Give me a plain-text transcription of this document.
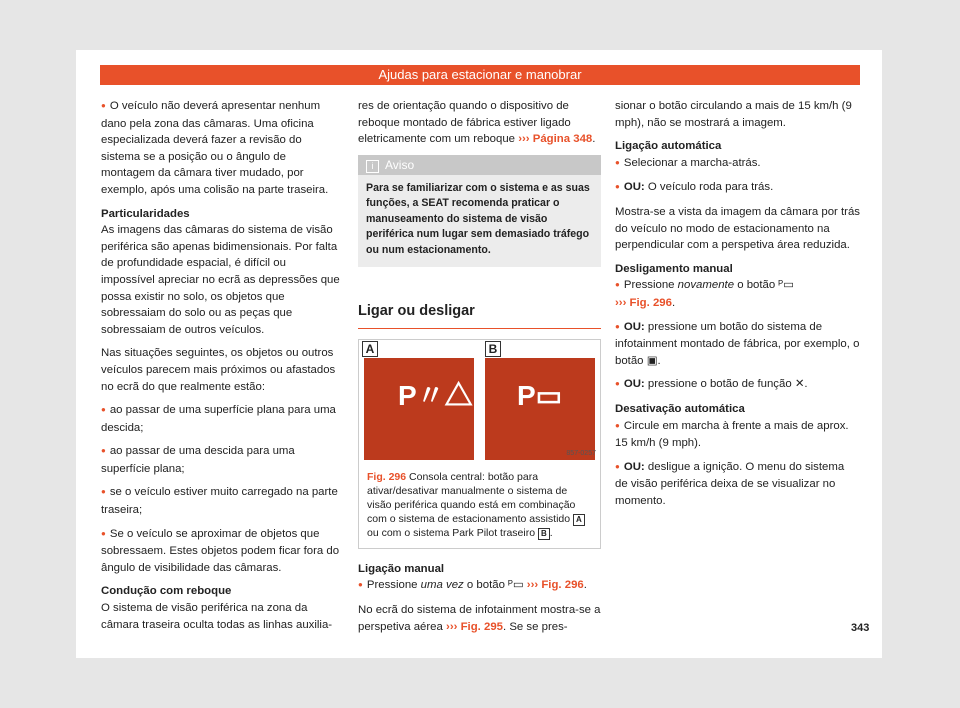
Ajudas para estacionar e manobrar

● O veículo não deverá apresentar nenhum dano pela zona das câmaras. Uma oficina especializada deverá fazer a revisão do sistema se a posição ou o ângulo de montagem da câmara tiver mudado, por exemplo, após uma colisão na parte traseira.

Particularidades

As imagens das câmaras do sistema de visão periférica são apenas bidimensionais. Por falta de profundidade espacial, é difícil ou impossível apreciar no ecrã as depressões que possa existir no solo, os objetos que sobressaiam do solo ou as peças que sobressaiam de outros veículos.

Nas situações seguintes, os objetos ou outros veículos parecem mais próximos ou afastados no ecrã do que realmente estão:

● ao passar de uma superfície plana para uma descida;

● ao passar de uma descida para uma superfície plana;

● se o veículo estiver muito carregado na parte traseira;

● Se o veículo se aproximar de objetos que sobressaem. Estes objetos podem ficar fora do ângulo de visibilidade das câmaras.

Condução com reboque

O sistema de visão periférica na zona da câmara traseira oculta todas as linhas auxilia-

res de orientação quando o dispositivo de reboque montado de fábrica estiver ligado eletricamente com um reboque ››› Página 348.

i Aviso
Para se familiarizar com o sistema e as suas funções, a SEAT recomenda praticar o manuseamento do sistema de visão periférica num lugar sem demasiado tráfego ou num estacionamento.
Ligar ou desligar
A	B
P〃△ P▭
857-0257
Fig. 296 Consola central: botão para ativar/desativar manualmente o sistema de visão periférica quando está em combinação com o sistema de estacionamento assistido A ou com o sistema Park Pilot traseiro B .

Ligação manual

● Pressione uma vez o botão ᴾ▭ ››› Fig. 296.

No ecrã do sistema de infotainment mostra-se a perspetiva aérea ››› Fig. 295. Se se pres-

sionar o botão circulando a mais de 15 km/h (9 mph), não se mostrará a imagem.

Ligação automática

● Selecionar a marcha-atrás.

● OU: O veículo roda para trás.

Mostra-se a vista da imagem da câmara por trás do veículo no modo de estacionamento na perpendicular com a perspetiva área reduzida.

Desligamento manual

● Pressione novamente o botão ᴾ▭
››› Fig. 296.

● OU: pressione um botão do sistema de infotainment montado de fábrica, por exemplo, o botão ▣.

● OU: pressione o botão de função ✕.

Desativação automática

● Circule em marcha à frente a mais de aprox. 15 km/h (9 mph).

● OU: desligue a ignição. O menu do sistema de visão periférica deixa de se visualizar no momento.

343
